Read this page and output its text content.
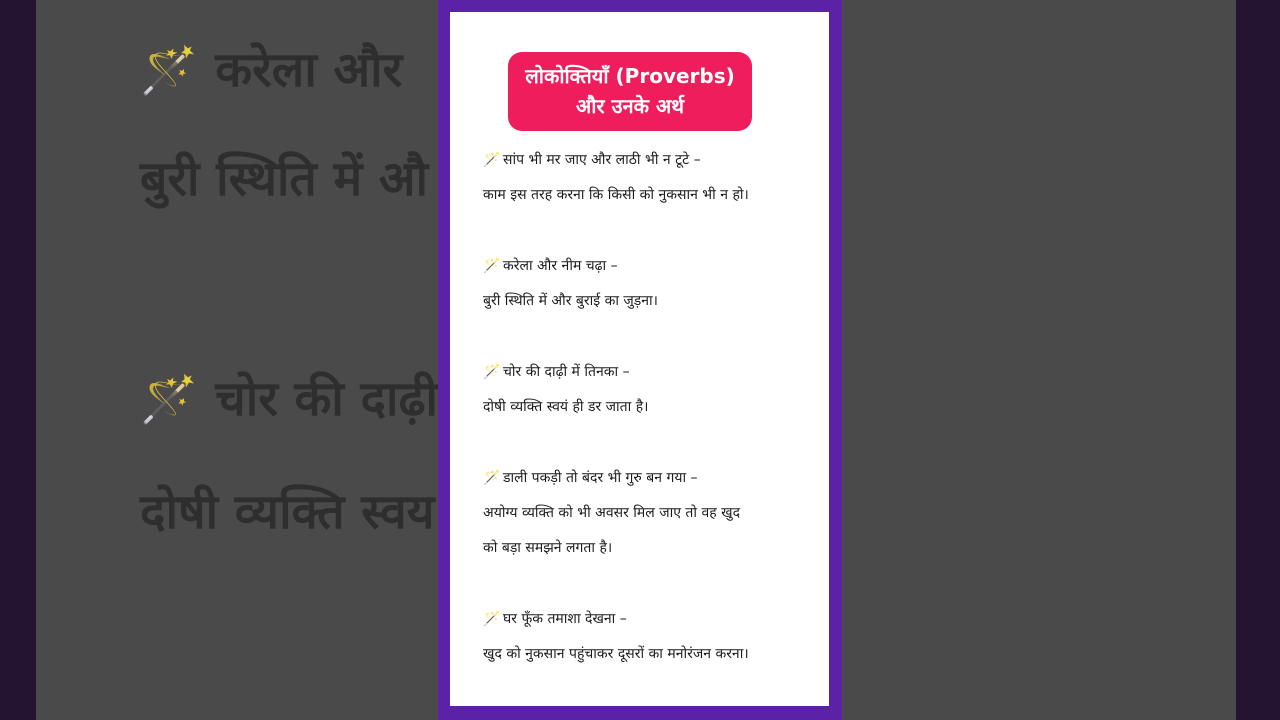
🪄 करेला और
बुरी स्थिति में औ
🪄 चोर की दाढ़ी
दोषी व्यक्ति स्वय
लोकोक्तियाँ (Proverbs)
और उनके अर्थ
🪄 सांप भी मर जाए और लाठी भी न टूटे –
काम इस तरह करना कि किसी को नुकसान भी न हो।
🪄 करेला और नीम चढ़ा –
बुरी स्थिति में और बुराई का जुड़ना।
🪄 चोर की दाढ़ी में तिनका –
दोषी व्यक्ति स्वयं ही डर जाता है।
🪄 डाली पकड़ी तो बंदर भी गुरु बन गया –
अयोग्य व्यक्ति को भी अवसर मिल जाए तो वह खुद
को बड़ा समझने लगता है।
🪄 घर फूँक तमाशा देखना –
खुद को नुकसान पहुंचाकर दूसरों का मनोरंजन करना।
